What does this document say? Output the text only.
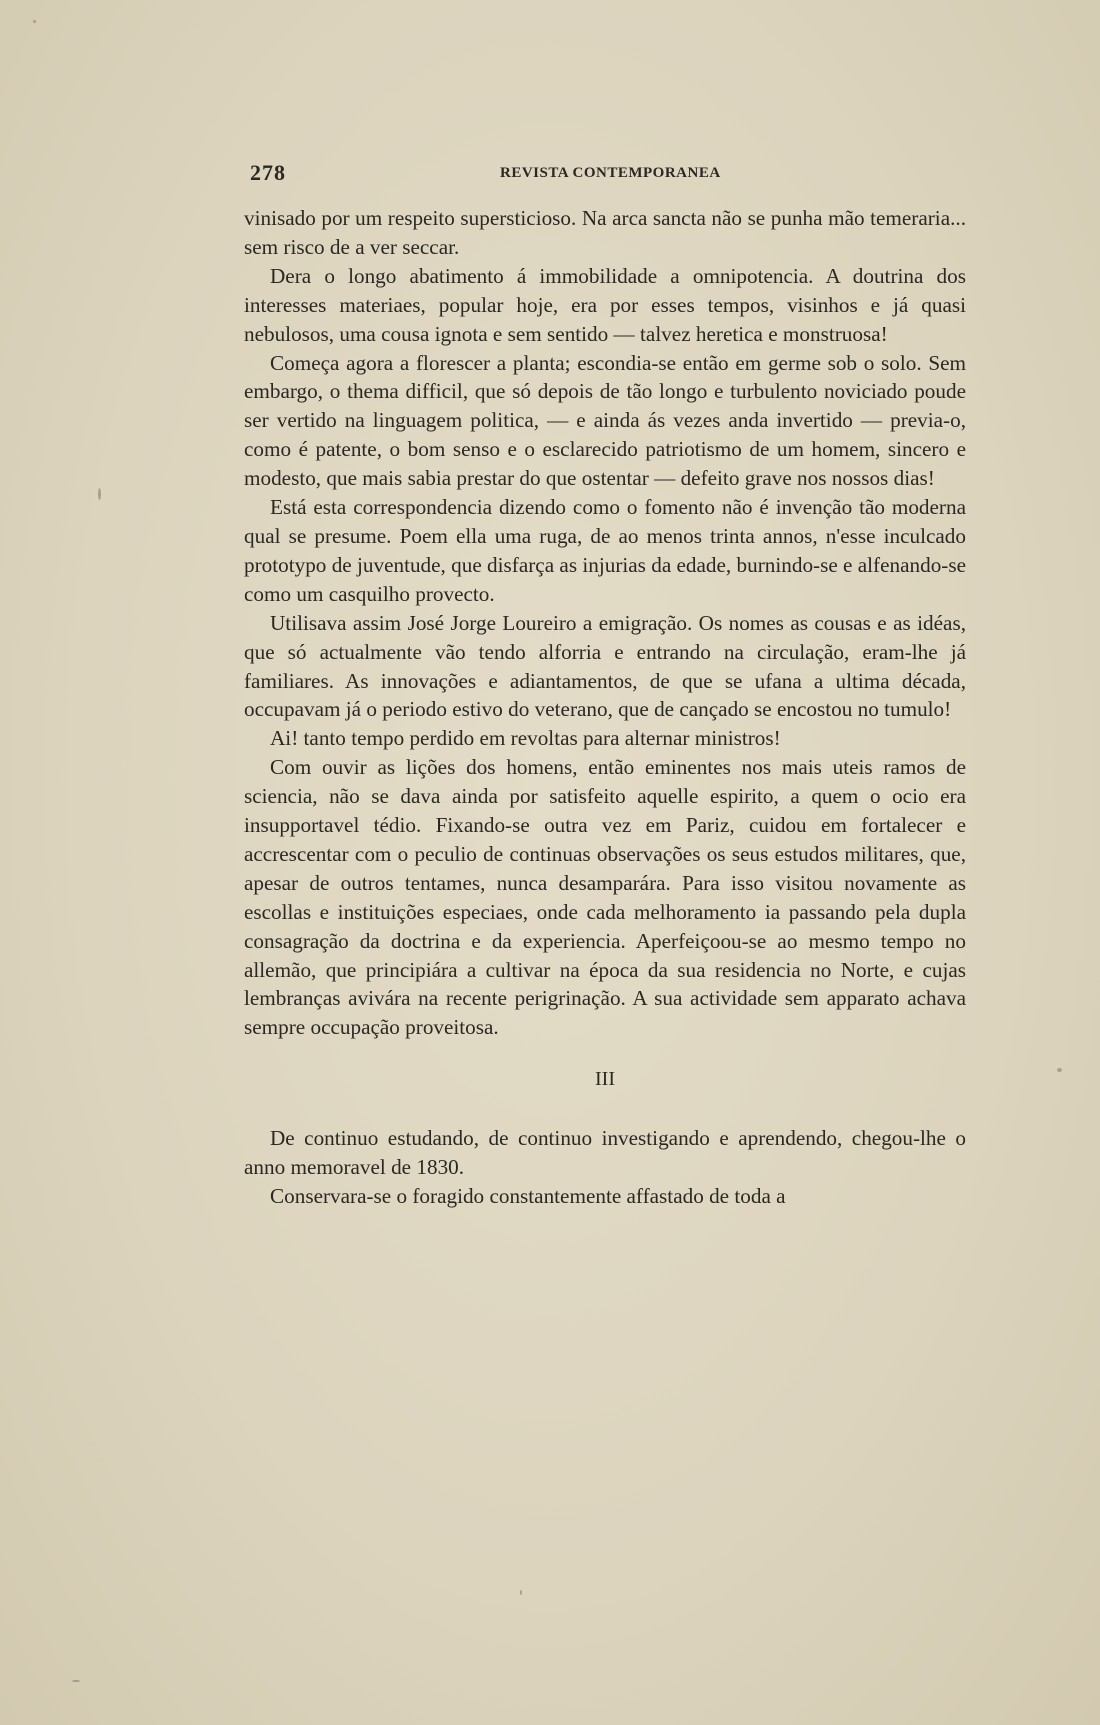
278	REVISTA CONTEMPORANEA

vinisado por um respeito supersticioso. Na arca sancta não se punha mão temeraria... sem risco de a ver seccar.

Dera o longo abatimento á immobilidade a omnipotencia. A doutrina dos interesses materiaes, popular hoje, era por esses tempos, visinhos e já quasi nebulosos, uma cousa ignota e sem sentido — talvez heretica e monstruosa!

Começa agora a florescer a planta; escondia-se então em germe sob o solo. Sem embargo, o thema difficil, que só depois de tão longo e turbulento noviciado poude ser vertido na linguagem politica, — e ainda ás vezes anda invertido — previa-o, como é patente, o bom senso e o esclarecido patriotismo de um homem, sincero e modesto, que mais sabia prestar do que ostentar — defeito grave nos nossos dias!

Está esta correspondencia dizendo como o fomento não é invenção tão moderna qual se presume. Poem ella uma ruga, de ao menos trinta annos, n'esse inculcado prototypo de juventude, que disfarça as injurias da edade, burnindo-se e alfenando-se como um casquilho provecto.

Utilisava assim José Jorge Loureiro a emigração. Os nomes as cousas e as idéas, que só actualmente vão tendo alforria e entrando na circulação, eram-lhe já familiares. As innovações e adiantamentos, de que se ufana a ultima década, occupavam já o periodo estivo do veterano, que de cançado se encostou no tumulo!

Ai! tanto tempo perdido em revoltas para alternar ministros!

Com ouvir as lições dos homens, então eminentes nos mais uteis ramos de sciencia, não se dava ainda por satisfeito aquelle espirito, a quem o ocio era insupportavel tédio. Fixando-se outra vez em Pariz, cuidou em fortalecer e accrescentar com o peculio de continuas observações os seus estudos militares, que, apesar de outros tentames, nunca desamparára. Para isso visitou novamente as escollas e instituições especiaes, onde cada melhoramento ia passando pela dupla consagração da doctrina e da experiencia. Aperfeiçoou-se ao mesmo tempo no allemão, que principiára a cultivar na época da sua residencia no Norte, e cujas lembranças avivára na recente perigrinação. A sua actividade sem apparato achava sempre occupação proveitosa.

III

De continuo estudando, de continuo investigando e aprendendo, chegou-lhe o anno memoravel de 1830.

Conservara-se o foragido constantemente affastado de toda a
